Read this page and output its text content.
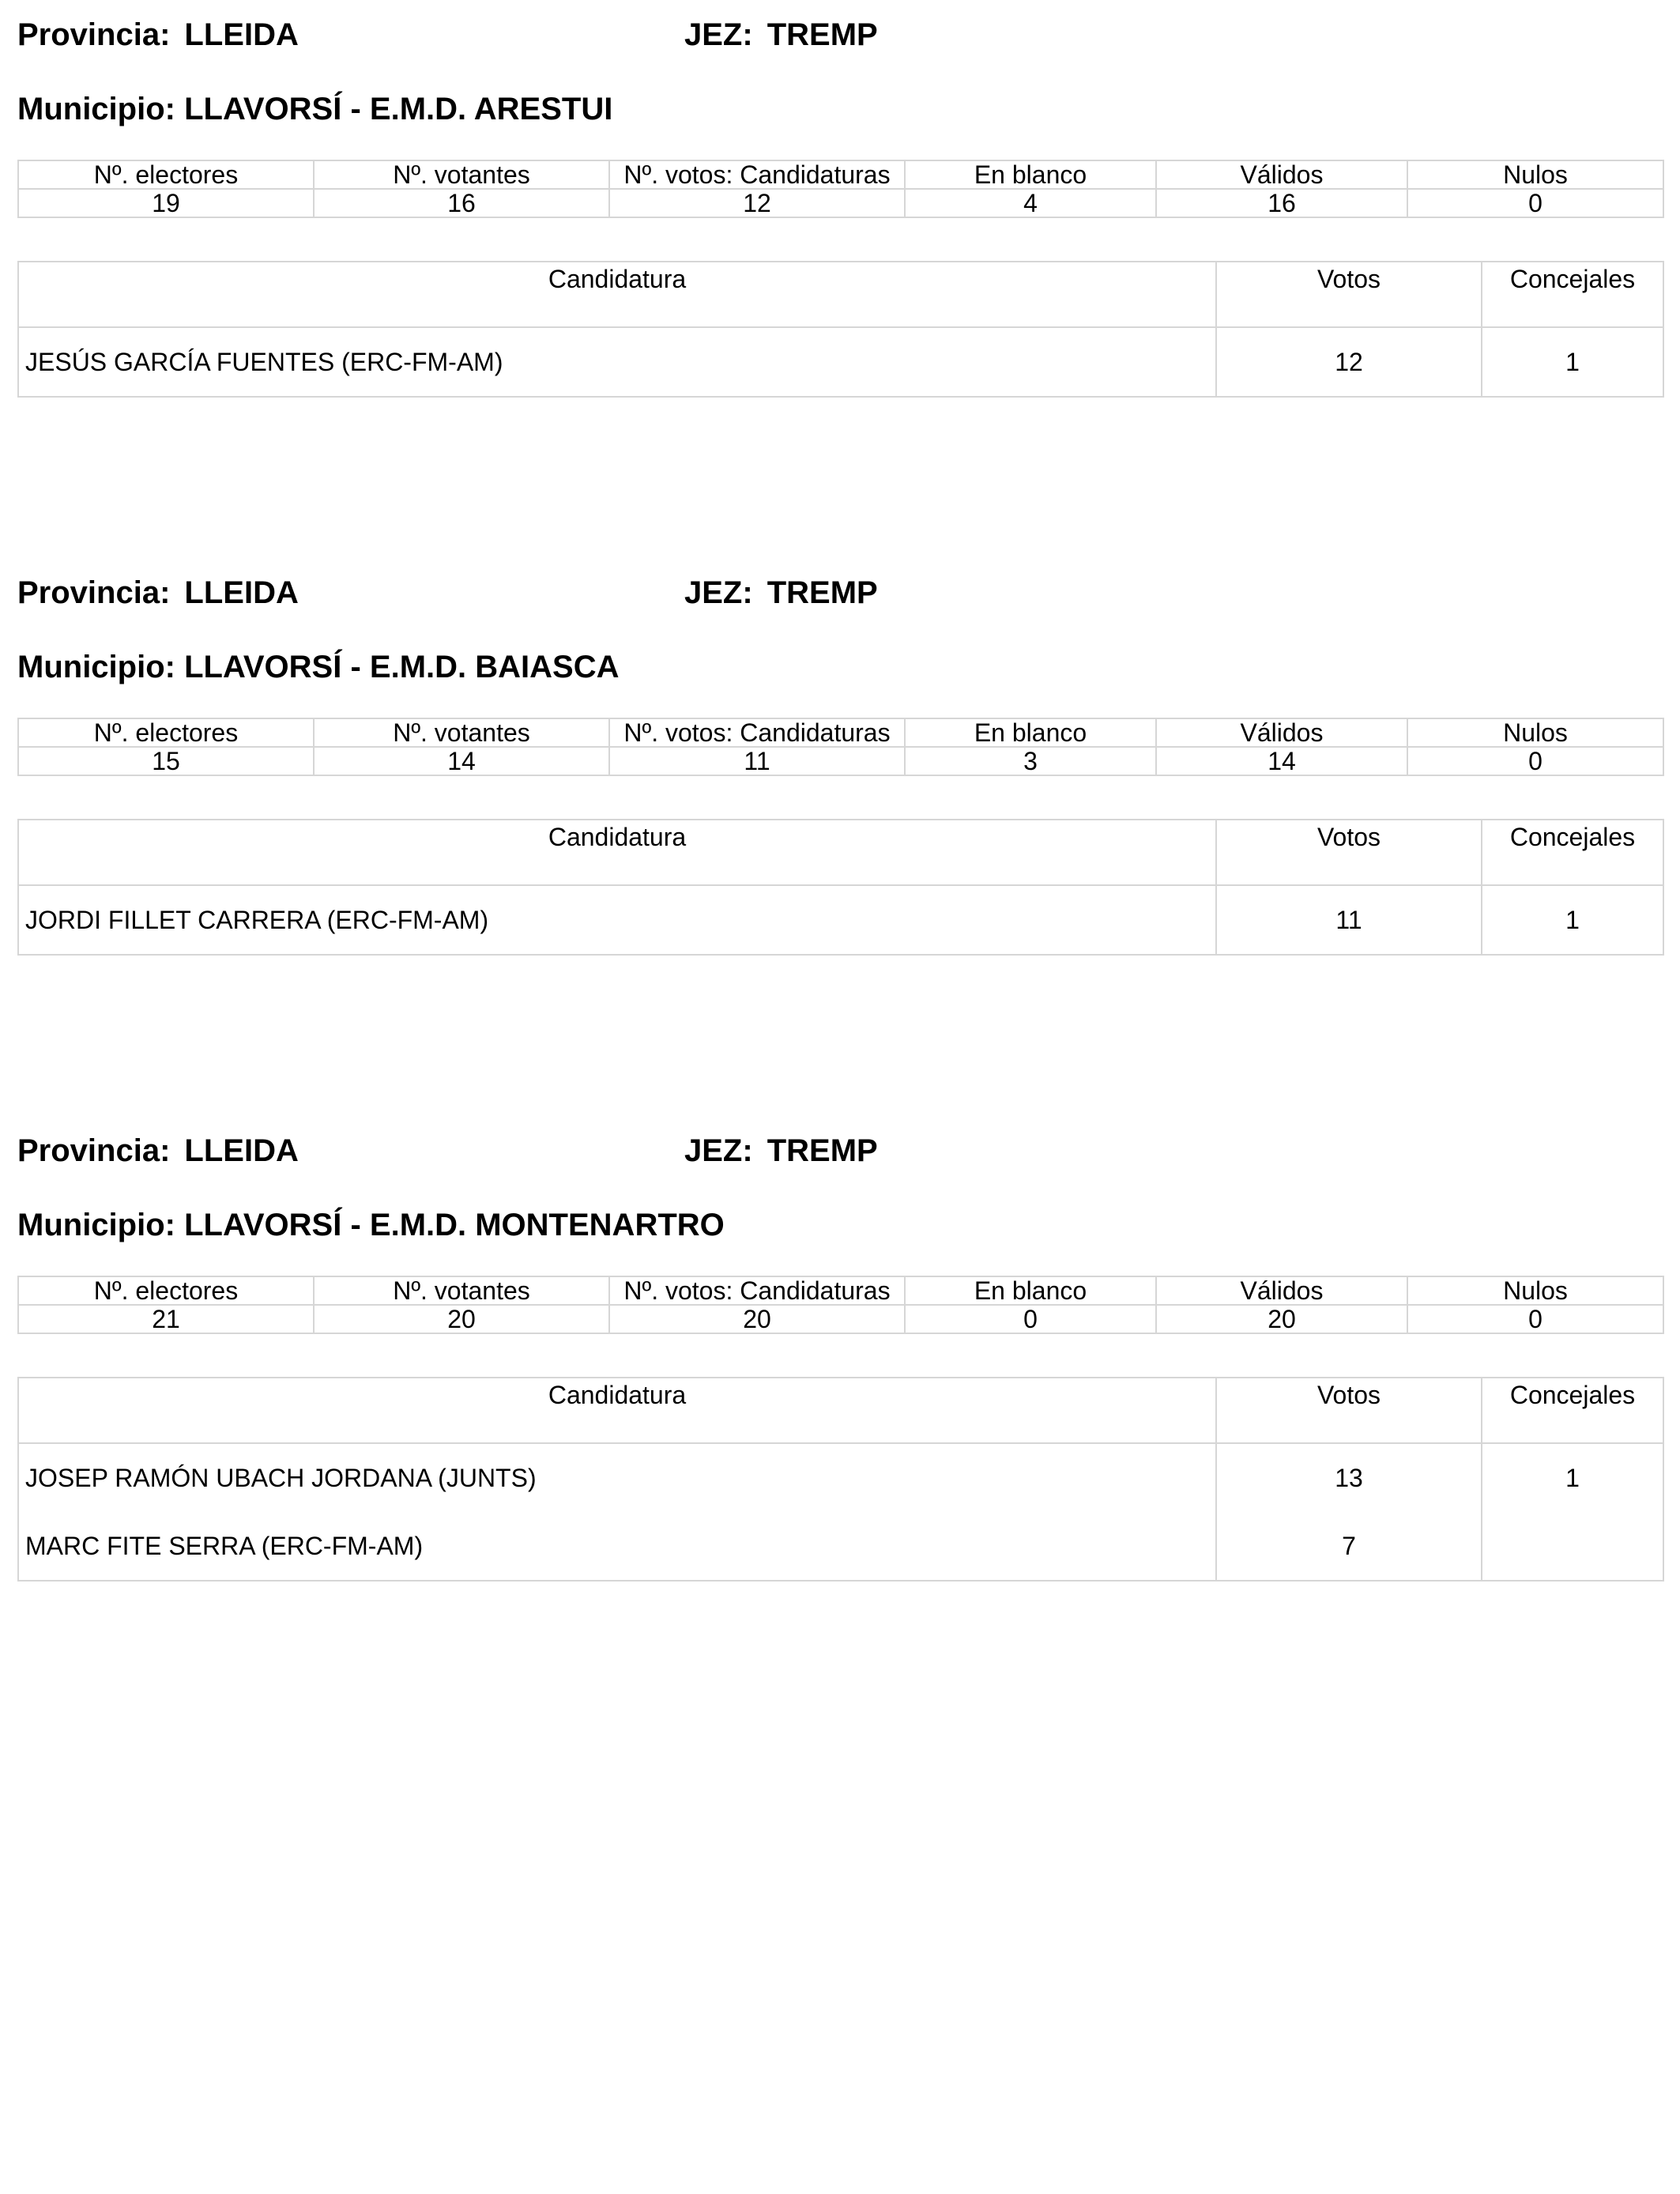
Provincia: LLEIDA	JEZ: TREMP
Municipio: LLAVORSÍ - E.M.D. ARESTUI
Nº. electores	Nº. votantes	Nº. votos: Candidaturas	En blanco	Válidos	Nulos
19	16	12	4	16	0
Candidatura	Votos	Concejales
JESÚS GARCÍA FUENTES (ERC-FM-AM)	12	1
Provincia: LLEIDA	JEZ: TREMP
Municipio: LLAVORSÍ - E.M.D. BAIASCA
Nº. electores	Nº. votantes	Nº. votos: Candidaturas	En blanco	Válidos	Nulos
15	14	11	3	14	0
Candidatura	Votos	Concejales
JORDI FILLET CARRERA (ERC-FM-AM)	11	1
Provincia: LLEIDA	JEZ: TREMP
Municipio: LLAVORSÍ - E.M.D. MONTENARTRO
Nº. electores	Nº. votantes	Nº. votos: Candidaturas	En blanco	Válidos	Nulos
21	20	20	0	20	0
Candidatura	Votos	Concejales
JOSEP RAMÓN UBACH JORDANA (JUNTS)	13	1
MARC FITE SERRA (ERC-FM-AM)	7	
